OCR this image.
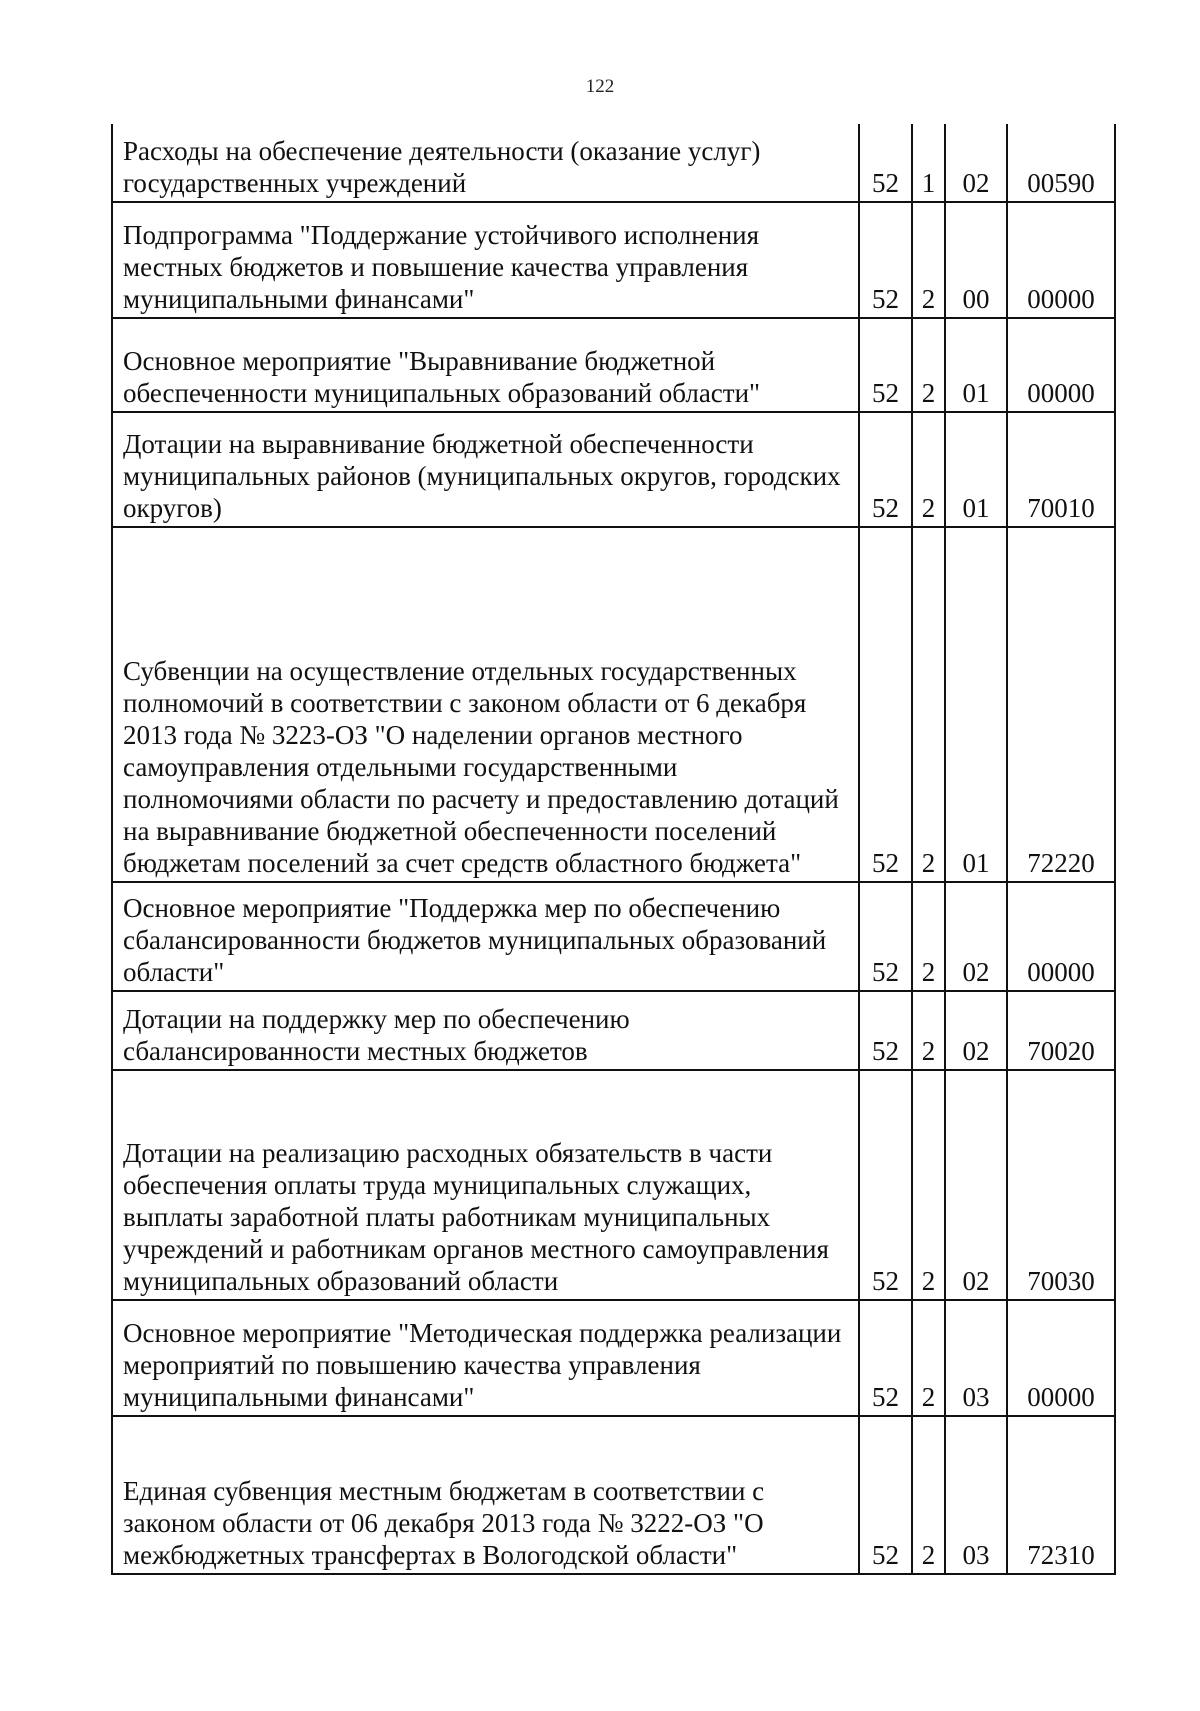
122
Расходы на обеспечение деятельности (оказание услуг) государственных учреждений	52	1	02	00590
Подпрограмма "Поддержание устойчивого исполнения местных бюджетов и повышение качества управления муниципальными финансами"	52	2	00	00000
Основное мероприятие "Выравнивание бюджетной обеспеченности муниципальных образований области"	52	2	01	00000
Дотации на выравнивание бюджетной обеспеченности муниципальных районов (муниципальных округов, городских округов)	52	2	01	70010
Субвенции на осуществление отдельных государственных полномочий в соответствии с законом области от 6 декабря 2013 года № 3223-ОЗ "О наделении органов местного самоуправления отдельными государственными полномочиями области по расчету и предоставлению дотаций на выравнивание бюджетной обеспеченности поселений бюджетам поселений за счет средств областного бюджета"	52	2	01	72220
Основное мероприятие "Поддержка мер по обеспечению сбалансированности бюджетов муниципальных образований области"	52	2	02	00000
Дотации на поддержку мер по обеспечению сбалансированности местных бюджетов	52	2	02	70020
Дотации на реализацию расходных обязательств в части обеспечения оплаты труда муниципальных служащих, выплаты заработной платы работникам муниципальных учреждений и работникам органов местного самоуправления муниципальных образований области	52	2	02	70030
Основное мероприятие "Методическая поддержка реализации мероприятий по повышению качества управления муниципальными финансами"	52	2	03	00000
Единая субвенция местным бюджетам в соответствии с законом области от 06 декабря 2013 года № 3222-ОЗ "О межбюджетных трансфертах в Вологодской области"	52	2	03	72310
